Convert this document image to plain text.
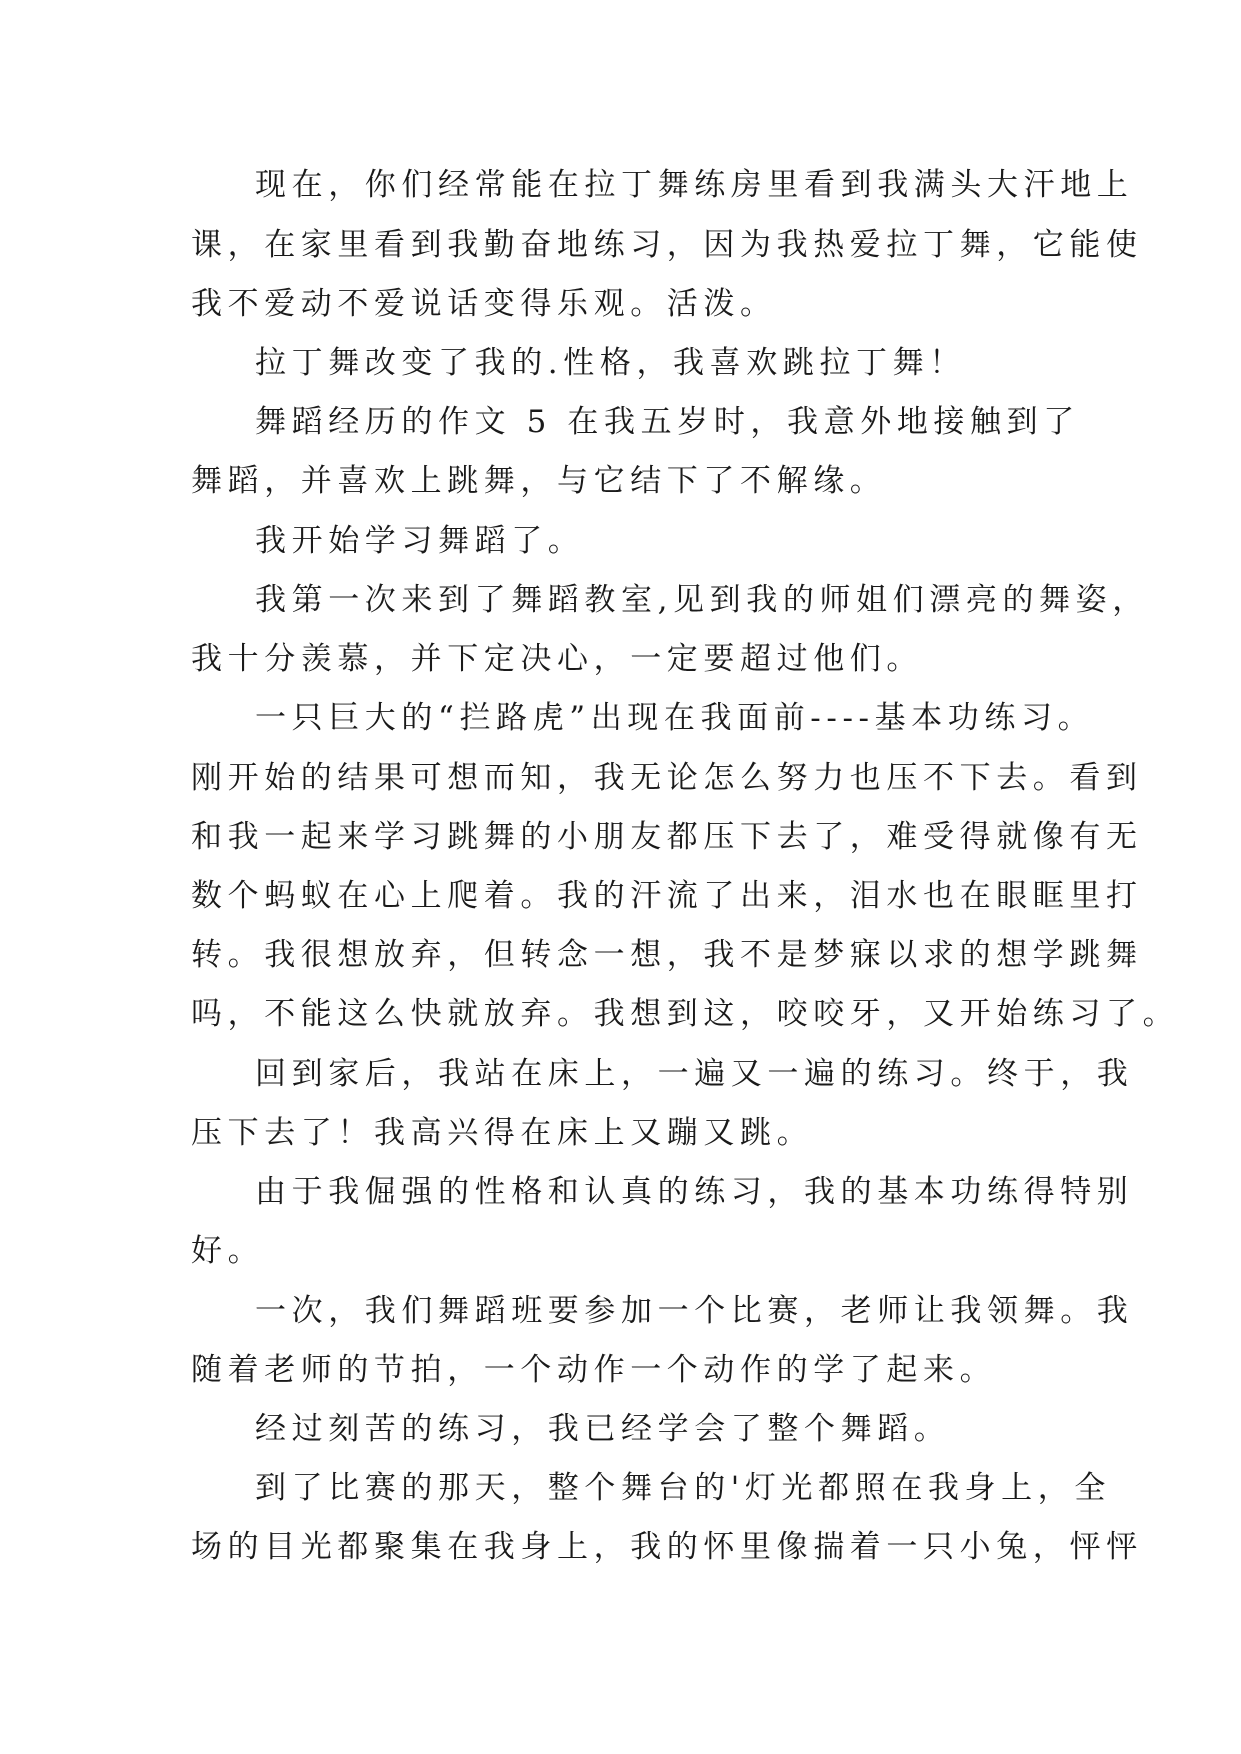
现在，你们经常能在拉丁舞练房里看到我满头大汗地上
课，在家里看到我勤奋地练习，因为我热爱拉丁舞，它能使
我不爱动不爱说话变得乐观。活泼。
拉丁舞改变了我的.性格，我喜欢跳拉丁舞！
舞蹈经历的作文 5 在我五岁时，我意外地接触到了
舞蹈，并喜欢上跳舞，与它结下了不解缘。
我开始学习舞蹈了。
我第一次来到了舞蹈教室,见到我的师姐们漂亮的舞姿，
我十分羡慕，并下定决心，一定要超过他们。
一只巨大的“拦路虎”出现在我面前----基本功练习。
刚开始的结果可想而知，我无论怎么努力也压不下去。看到
和我一起来学习跳舞的小朋友都压下去了，难受得就像有无
数个蚂蚁在心上爬着。我的汗流了出来，泪水也在眼眶里打
转。我很想放弃，但转念一想，我不是梦寐以求的想学跳舞
吗，不能这么快就放弃。我想到这，咬咬牙，又开始练习了。
回到家后，我站在床上，一遍又一遍的练习。终于，我
压下去了！我高兴得在床上又蹦又跳。
由于我倔强的性格和认真的练习，我的基本功练得特别
好。
一次，我们舞蹈班要参加一个比赛，老师让我领舞。我
随着老师的节拍，一个动作一个动作的学了起来。
经过刻苦的练习，我已经学会了整个舞蹈。
到了比赛的那天，整个舞台的'灯光都照在我身上，全
场的目光都聚集在我身上，我的怀里像揣着一只小兔，怦怦
